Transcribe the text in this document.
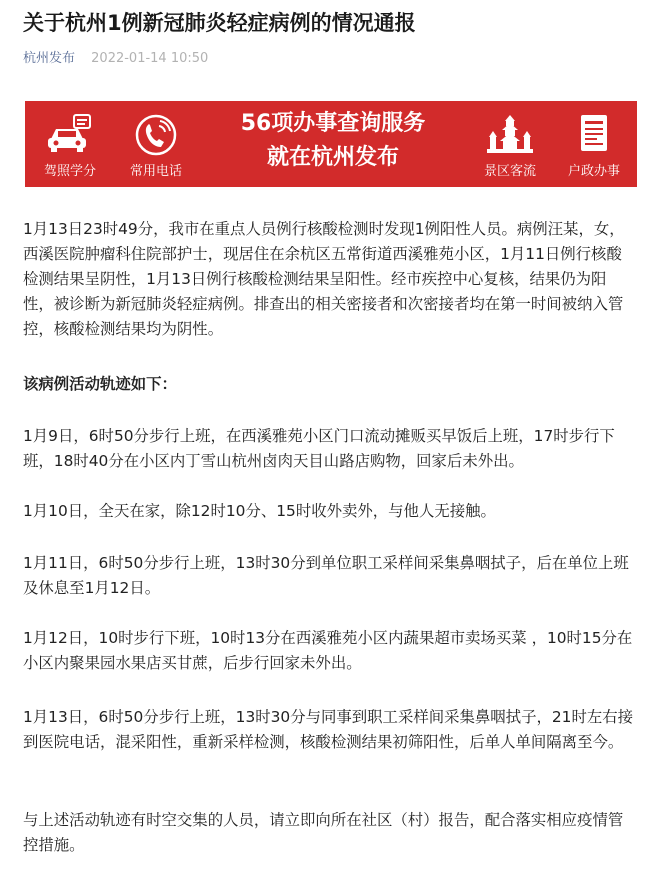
关于杭州1例新冠肺炎轻症病例的情况通报
杭州发布 2022-01-14 10:50
驾照学分	常用电话
56项办事查询服务
就在杭州发布
景区客流	户政办事

1月13日23时49分，我市在重点人员例行核酸检测时发现1例阳性人员。病例汪某，女，西溪医院肿瘤科住院部护士，现居住在余杭区五常街道西溪雅苑小区，1月11日例行核酸检测结果呈阴性，1月13日例行核酸检测结果呈阳性。经市疾控中心复核，结果仍为阳性，被诊断为新冠肺炎轻症病例。排查出的相关密接者和次密接者均在第一时间被纳入管控，核酸检测结果均为阴性。

该病例活动轨迹如下：

1月9日，6时50分步行上班，在西溪雅苑小区门口流动摊贩买早饭后上班，17时步行下班，18时40分在小区内丁雪山杭州卤肉天目山路店购物，回家后未外出。

1月10日，全天在家，除12时10分、15时收外卖外，与他人无接触。

1月11日，6时50分步行上班，13时30分到单位职工采样间采集鼻咽拭子，后在单位上班及休息至1月12日。

1月12日，10时步行下班，10时13分在西溪雅苑小区内蔬果超市卖场买菜 ，10时15分在小区内聚果园水果店买甘蔗，后步行回家未外出。

1月13日，6时50分步行上班，13时30分与同事到职工采样间采集鼻咽拭子，21时左右接到医院电话，混采阳性，重新采样检测，核酸检测结果初筛阳性，后单人单间隔离至今。

与上述活动轨迹有时空交集的人员，请立即向所在社区（村）报告，配合落实相应疫情管控措施。
